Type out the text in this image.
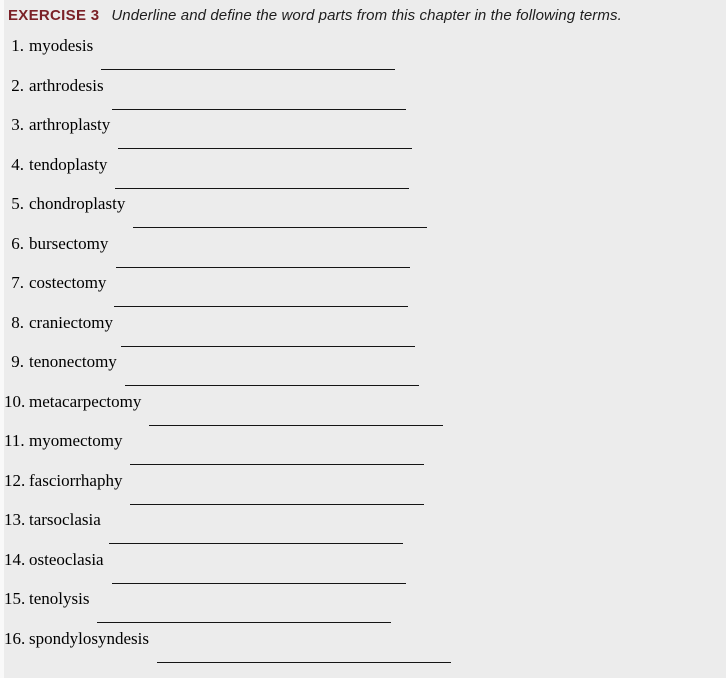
EXERCISE 3 Underline and define the word parts from this chapter in the following terms.
1. myodesis
2. arthrodesis
3. arthroplasty
4. tendoplasty
5. chondroplasty
6. bursectomy
7. costectomy
8. craniectomy
9. tenonectomy
10. metacarpectomy
11. myomectomy
12. fasciorrhaphy
13. tarsoclasia
14. osteoclasia
15. tenolysis
16. spondylosyndesis
